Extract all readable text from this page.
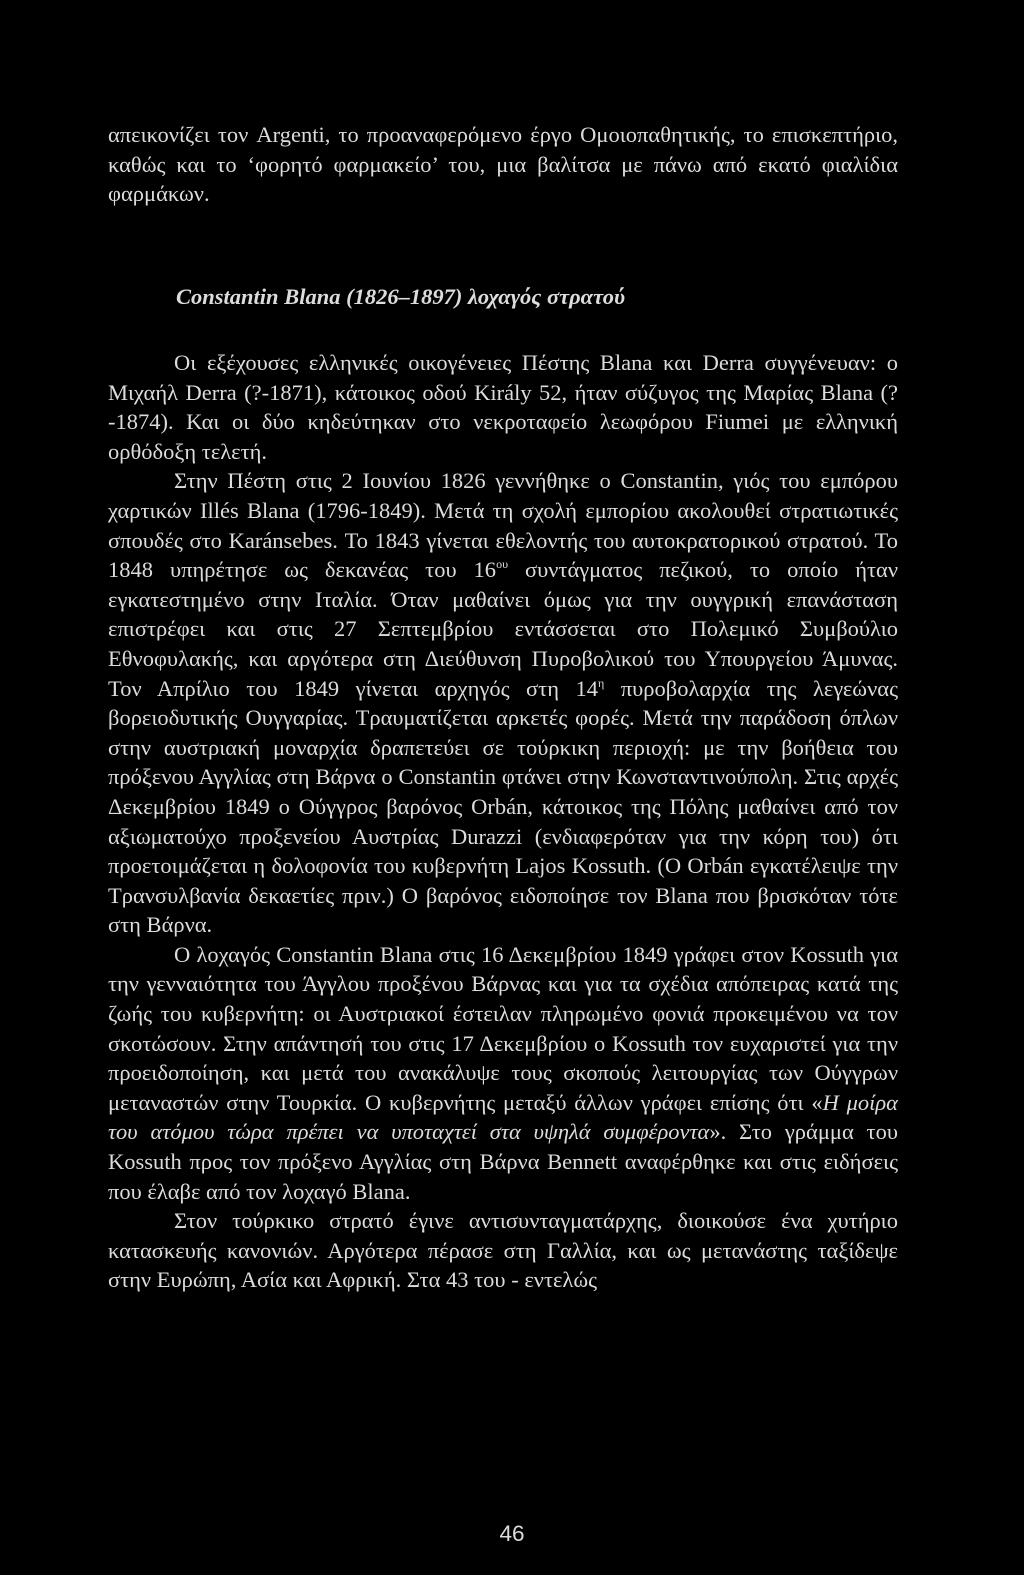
απεικονίζει τον Argenti, το προαναφερόμενο έργο Ομοιοπαθητικής, το επισκεπτήριο, καθώς και το ‘φορητό φαρμακείο’ του, μια βαλίτσα με πάνω από εκατό φιαλίδια φαρμάκων.

Constantin Blana (1826–1897) λοχαγός στρατού

Οι εξέχουσες ελληνικές οικογένειες Πέστης Blana και Derra συγγένευαν: ο Μιχαήλ Derra (?-1871), κάτοικος οδού Király 52, ήταν σύζυγος της Μαρίας Blana (?-1874). Και οι δύο κηδεύτηκαν στο νεκροταφείο λεωφόρου Fiumei με ελληνική ορθόδοξη τελετή.

Στην Πέστη στις 2 Ιουνίου 1826 γεννήθηκε ο Constantin, γιός του εμπόρου χαρτικών Illés Blana (1796-1849). Μετά τη σχολή εμπορίου ακολουθεί στρατιωτικές σπουδές στο Karánsebes. Το 1843 γίνεται εθελοντής του αυτοκρατορικού στρατού. Το 1848 υπηρέτησε ως δεκανέας του $16^{o\upsilon}$ συντάγματος πεζικού, το οποίο ήταν εγκατεστημένο στην Ιταλία. Όταν μαθαίνει όμως για την ουγγρική επανάσταση επιστρέφει και στις 27 Σεπτεμβρίου εντάσσεται στο Πολεμικό Συμβούλιο Εθνοφυλακής, και αργότερα στη Διεύθυνση Πυροβολικού του Υπουργείου Άμυνας. Τον Απρίλιο του 1849 γίνεται αρχηγός στη $14^\eta$ πυροβολαρχία της λεγεώνας βορειοδυτικής Ουγγαρίας. Τραυματίζεται αρκετές φορές. Μετά την παράδοση όπλων στην αυστριακή μοναρχία δραπετεύει σε τούρκικη περιοχή: με την βοήθεια του πρόξενου Αγγλίας στη Βάρνα ο Constantin φτάνει στην Κωνσταντινούπολη. Στις αρχές Δεκεμβρίου 1849 ο Ούγγρος βαρόνος Orbán, κάτοικος της Πόλης μαθαίνει από τον αξιωματούχο προξενείου Αυστρίας Durazzi (ενδιαφερόταν για την κόρη του) ότι προετοιμάζεται η δολοφονία του κυβερνήτη Lajos Kossuth. (Ο Orbán εγκατέλειψε την Τρανσυλβανία δεκαετίες πριν.) Ο βαρόνος ειδοποίησε τον Blana που βρισκόταν τότε στη Βάρνα.

Ο λοχαγός Constantin Blana στις 16 Δεκεμβρίου 1849 γράφει στον Kossuth για την γενναιότητα του Άγγλου προξένου Βάρνας και για τα σχέδια απόπειρας κατά της ζωής του κυβερνήτη: οι Αυστριακοί έστειλαν πληρωμένο φονιά προκειμένου να τον σκοτώσουν. Στην απάντησή του στις 17 Δεκεμβρίου ο Kossuth τον ευχαριστεί για την προειδοποίηση, και μετά του ανακάλυψε τους σκοπούς λειτουργίας των Ούγγρων μεταναστών στην Τουρκία. Ο κυβερνήτης μεταξύ άλλων γράφει επίσης ότι «Η μοίρα του ατόμου τώρα πρέπει να υποταχτεί στα υψηλά συμφέροντα». Στο γράμμα του Kossuth προς τον πρόξενο Αγγλίας στη Βάρνα Bennett αναφέρθηκε και στις ειδήσεις που έλαβε από τον λοχαγό Blana.

Στον τούρκικο στρατό έγινε αντισυνταγματάρχης, διοικούσε ένα χυτήριο κατασκευής κανονιών. Αργότερα πέρασε στη Γαλλία, και ως μετανάστης ταξίδεψε στην Ευρώπη, Ασία και Αφρική. Στα 43 του - εντελώς

46
